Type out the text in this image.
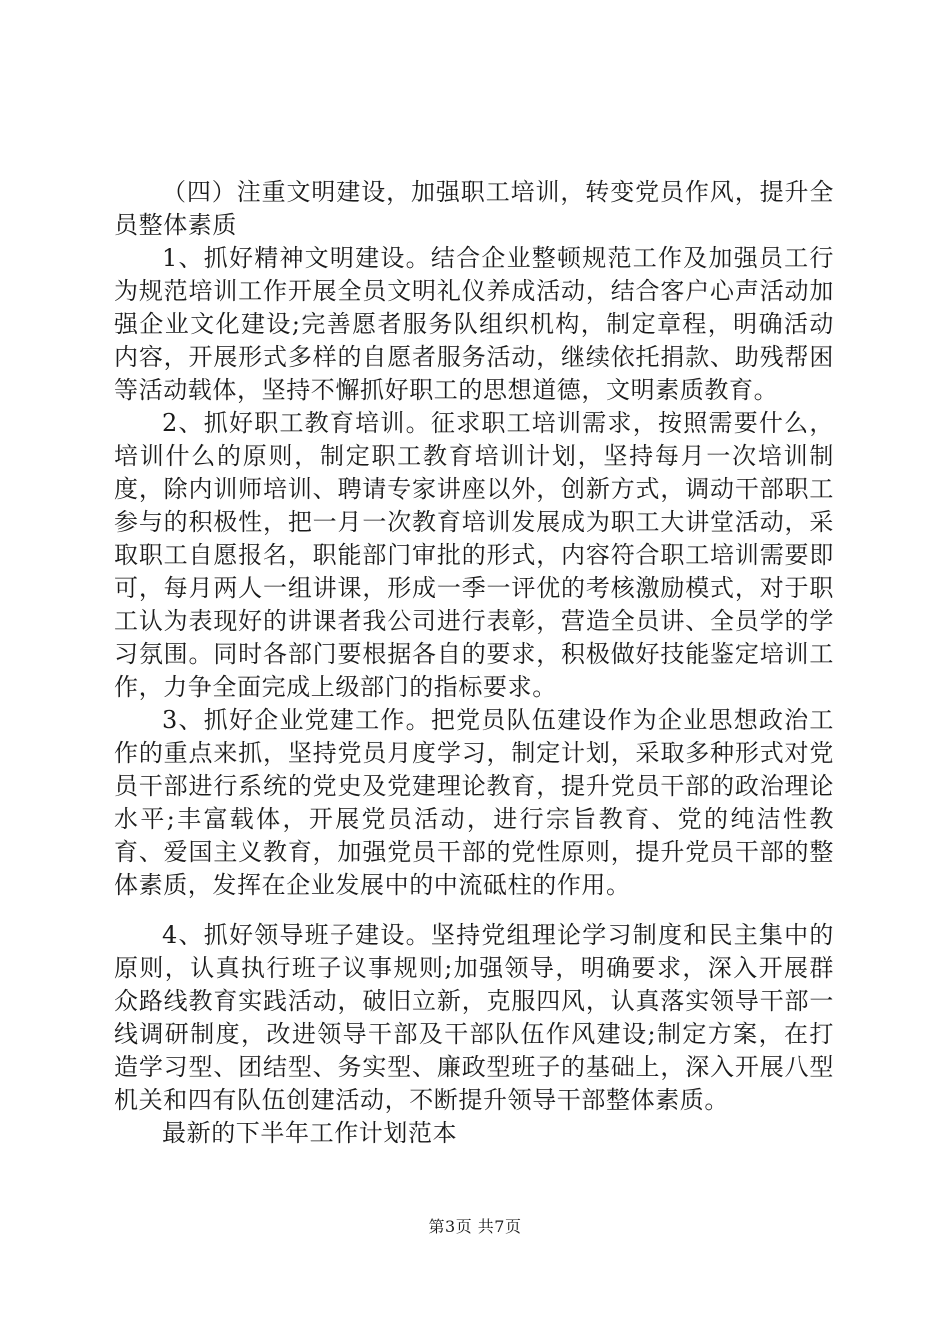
（四）注重文明建设，加强职工培训，转变党员作风，提升全员整体素质

1、抓好精神文明建设。结合企业整顿规范工作及加强员工行为规范培训工作开展全员文明礼仪养成活动，结合客户心声活动加强企业文化建设;完善愿者服务队组织机构，制定章程，明确活动内容，开展形式多样的自愿者服务活动，继续依托捐款、助残帮困等活动载体，坚持不懈抓好职工的思想道德，文明素质教育。

2、抓好职工教育培训。征求职工培训需求，按照需要什么，培训什么的原则，制定职工教育培训计划，坚持每月一次培训制度，除内训师培训、聘请专家讲座以外，创新方式，调动干部职工参与的积极性，把一月一次教育培训发展成为职工大讲堂活动，采取职工自愿报名，职能部门审批的形式，内容符合职工培训需要即可，每月两人一组讲课，形成一季一评优的考核激励模式，对于职工认为表现好的讲课者我公司进行表彰，营造全员讲、全员学的学习氛围。同时各部门要根据各自的要求，积极做好技能鉴定培训工作，力争全面完成上级部门的指标要求。

3、抓好企业党建工作。把党员队伍建设作为企业思想政治工作的重点来抓，坚持党员月度学习，制定计划，采取多种形式对党员干部进行系统的党史及党建理论教育，提升党员干部的政治理论水平;丰富载体，开展党员活动，进行宗旨教育、党的纯洁性教育、爱国主义教育，加强党员干部的党性原则，提升党员干部的整体素质，发挥在企业发展中的中流砥柱的作用。

4、抓好领导班子建设。坚持党组理论学习制度和民主集中的原则，认真执行班子议事规则;加强领导，明确要求，深入开展群众路线教育实践活动，破旧立新，克服四风，认真落实领导干部一线调研制度，改进领导干部及干部队伍作风建设;制定方案，在打造学习型、团结型、务实型、廉政型班子的基础上，深入开展八型机关和四有队伍创建活动，不断提升领导干部整体素质。

最新的下半年工作计划范本

第3页 共7页
